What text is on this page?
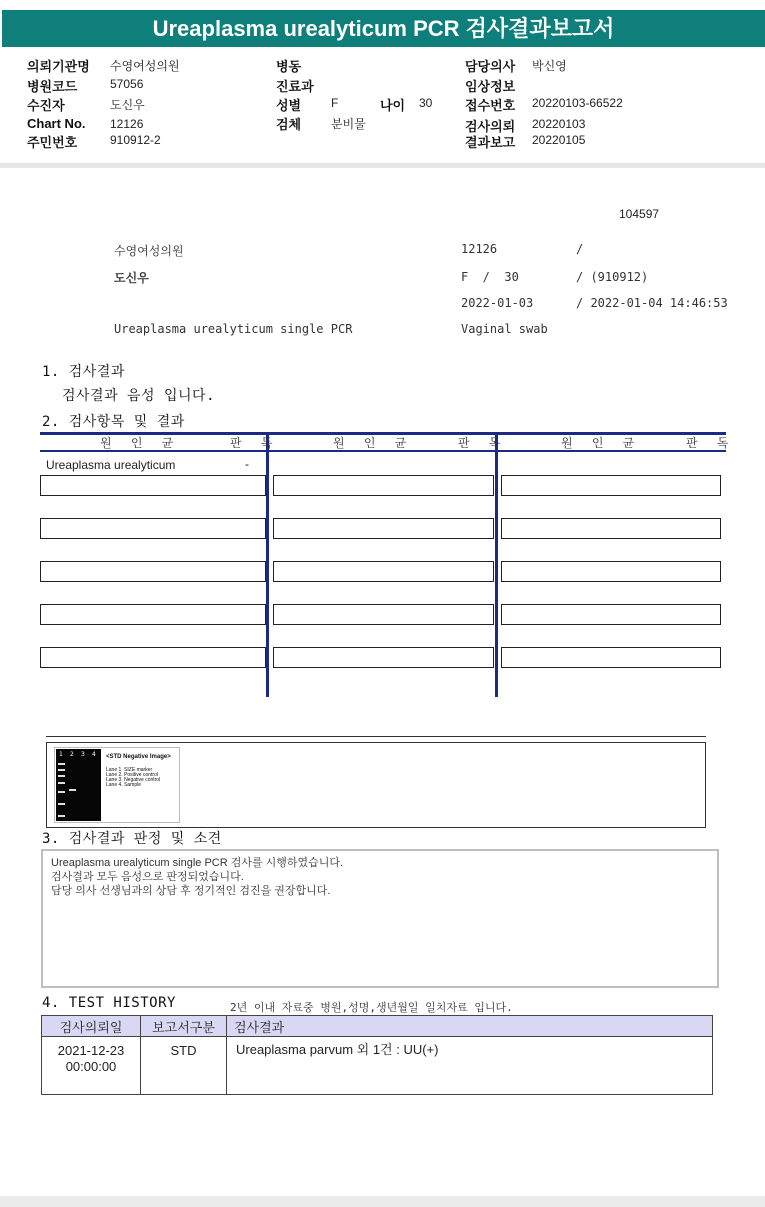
Ureaplasma urealyticum PCR 검사결과보고서
의뢰기관명 수영여성의원
병원코드	57056
수진자	도신우
Chart No. 12126
주민번호	910912-2
병동
진료과
성별 F	나이 30
검체 분비물
담당의사 박신영
임상정보
접수번호 20220103-66522
검사의뢰 20220103
결과보고 20220105
104597
수영여성의원	12126	/
도신우	F  /  30	/ (910912)
2022-01-03	/ 2022-01-04 14:46:53
Ureaplasma urealyticum single PCR	Vaginal swab
1. 검사결과
검사결과 음성 입니다.
2. 검사항목 및 결과
원 인 균	판 독	원 인 균	판 독	원 인 균	판 독
Ureaplasma urealyticum	-
1 2 3 4 <STD Negative Image>
Lane 1. SIZE marker
Lane 2. Positive control
Lane 3. Negative control
Lane 4. Sample
3. 검사결과 판정 및 소견
Ureaplasma urealyticum single PCR 검사를 시행하였습니다.
검사결과 모두 음성으로 판정되었습니다.
담당 의사 선생님과의 상담 후 정기적인 검진을 권장합니다.
4. TEST HISTORY	2년 이내 자료중 병원,성명,생년월일 일치자료 입니다.
검사의뢰일	보고서구분	검사결과

2021-12-23
00:00:00	STD	Ureaplasma parvum 외 1건 : UU(+)
